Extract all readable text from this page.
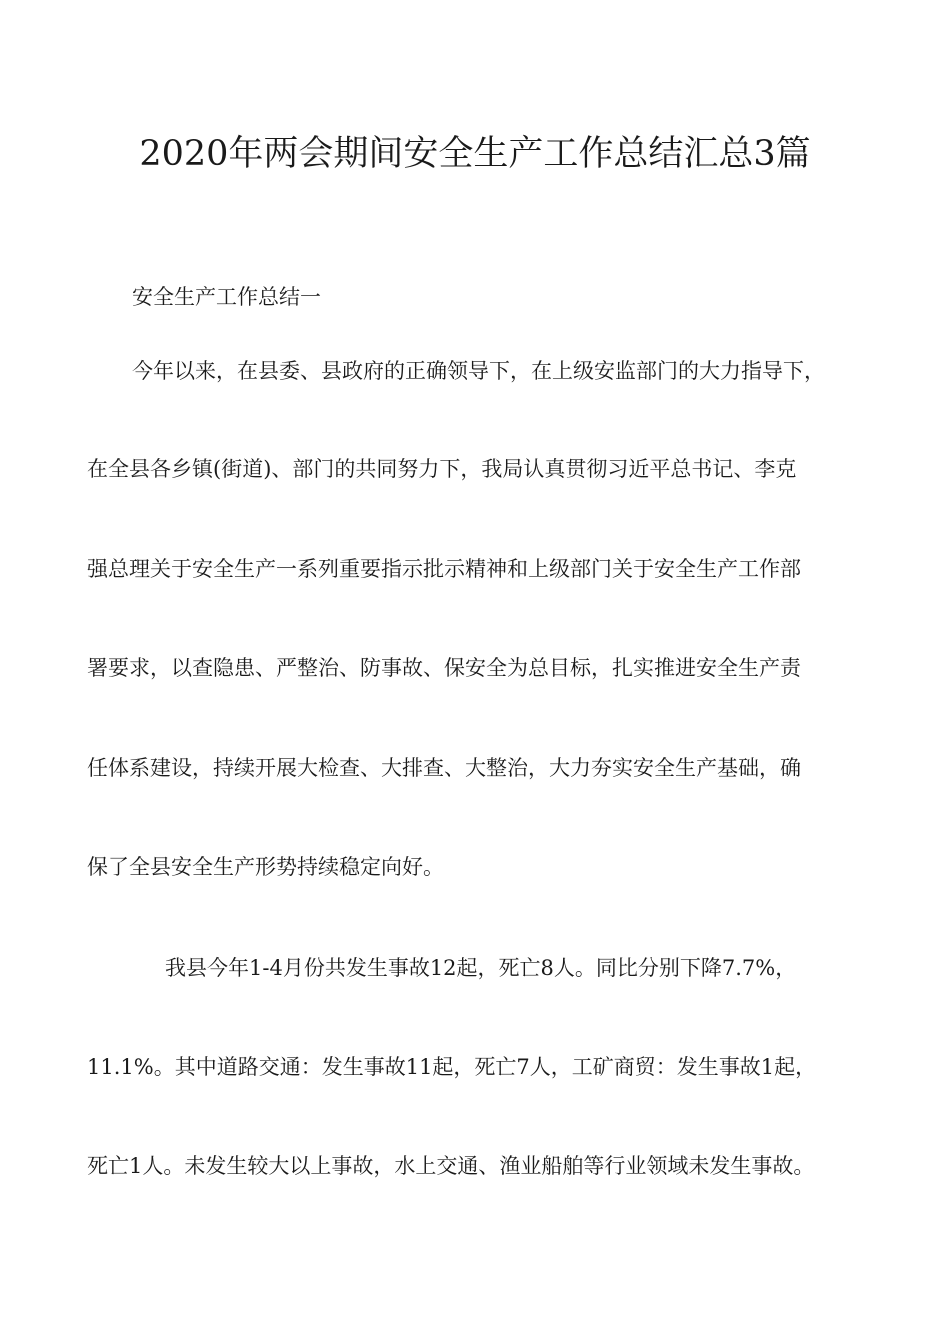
2020年两会期间安全生产工作总结汇总3篇

安全生产工作总结一

今年以来，在县委、县政府的正确领导下，在上级安监部门的大力指导下，

在全县各乡镇(街道)、部门的共同努力下，我局认真贯彻习近平总书记、李克

强总理关于安全生产一系列重要指示批示精神和上级部门关于安全生产工作部

署要求，以查隐患、严整治、防事故、保安全为总目标，扎实推进安全生产责

任体系建设，持续开展大检查、大排查、大整治，大力夯实安全生产基础，确

保了全县安全生产形势持续稳定向好。

我县今年1-4月份共发生事故12起，死亡8人。同比分别下降7.7%，

11.1%。其中道路交通：发生事故11起，死亡7人，工矿商贸：发生事故1起，

死亡1人。未发生较大以上事故，水上交通、渔业船舶等行业领域未发生事故。
